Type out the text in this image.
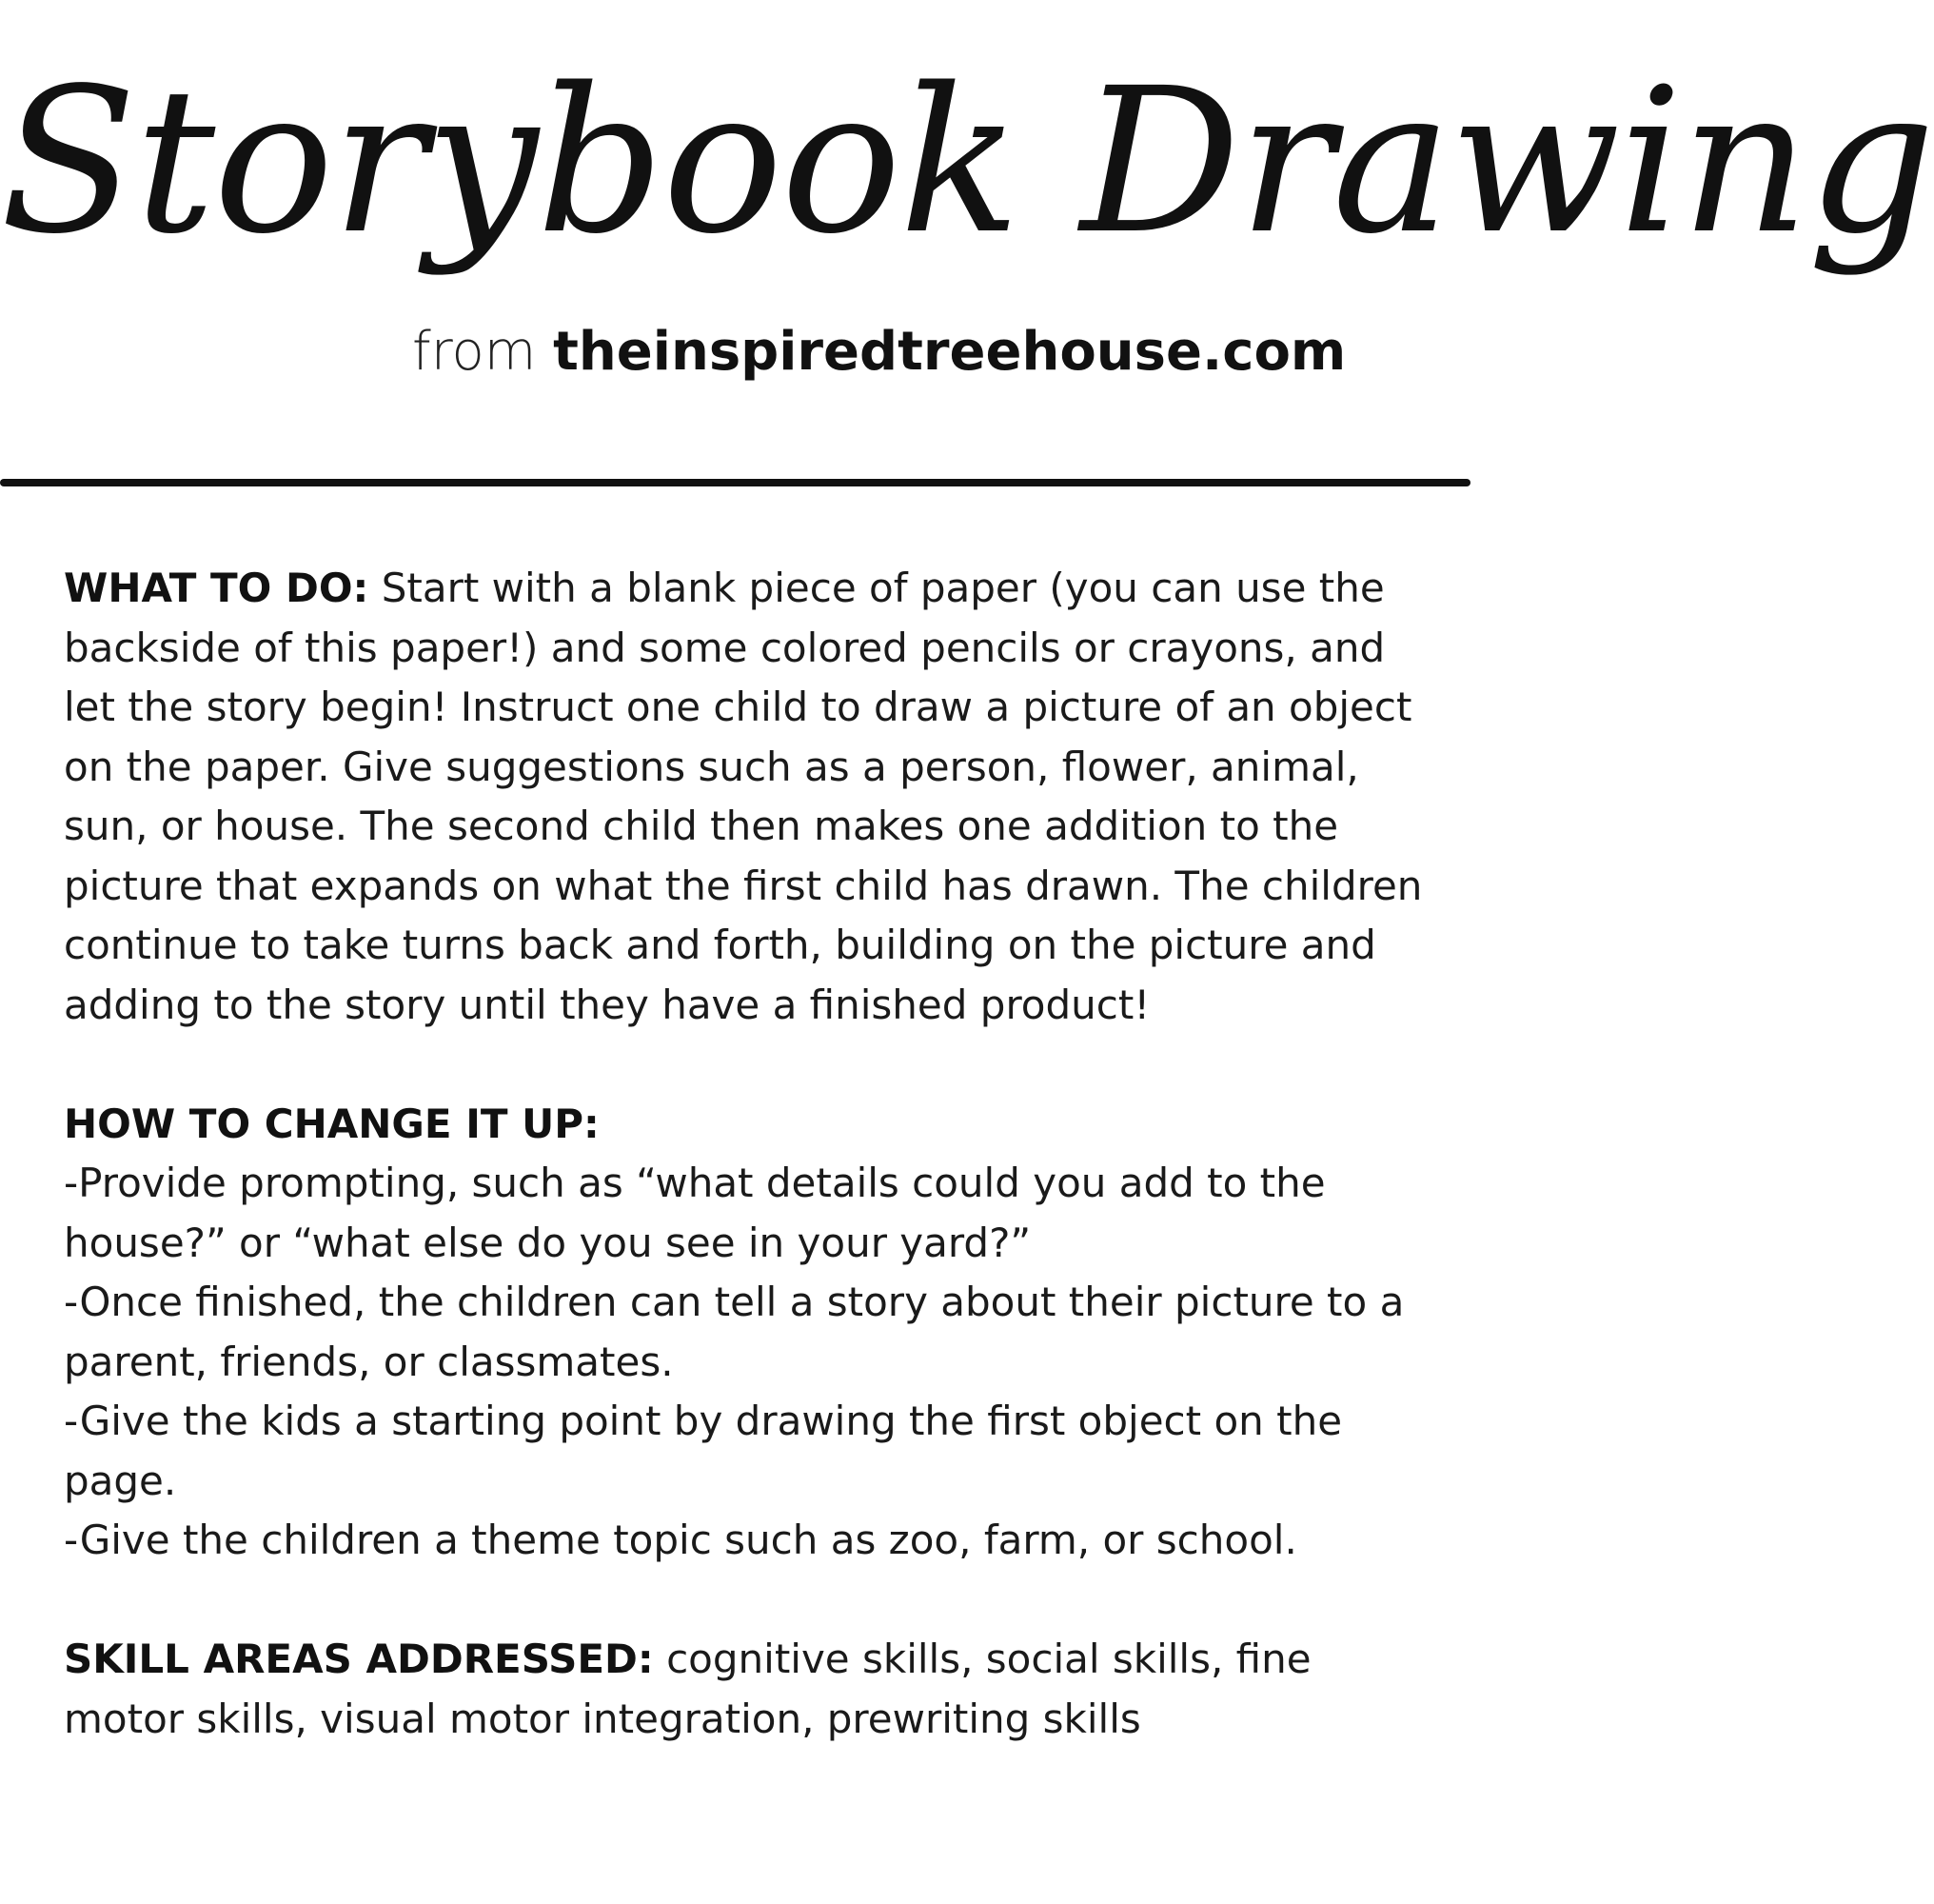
Storybook Drawing
from theinspiredtreehouse.com

WHAT TO DO: Start with a blank piece of paper (you can use the backside of this paper!) and some colored pencils or crayons, and let the story begin! Instruct one child to draw a picture of an object on the paper. Give suggestions such as a person, flower, animal, sun, or house. The second child then makes one addition to the picture that expands on what the first child has drawn. The children continue to take turns back and forth, building on the picture and adding to the story until they have a finished product!

HOW TO CHANGE IT UP:
-Provide prompting, such as “what details could you add to the house?” or “what else do you see in your yard?”
-Once finished, the children can tell a story about their picture to a parent, friends, or classmates.
-Give the kids a starting point by drawing the first object on the page.
-Give the children a theme topic such as zoo, farm, or school.

SKILL AREAS ADDRESSED: cognitive skills, social skills, fine motor skills, visual motor integration, prewriting skills
